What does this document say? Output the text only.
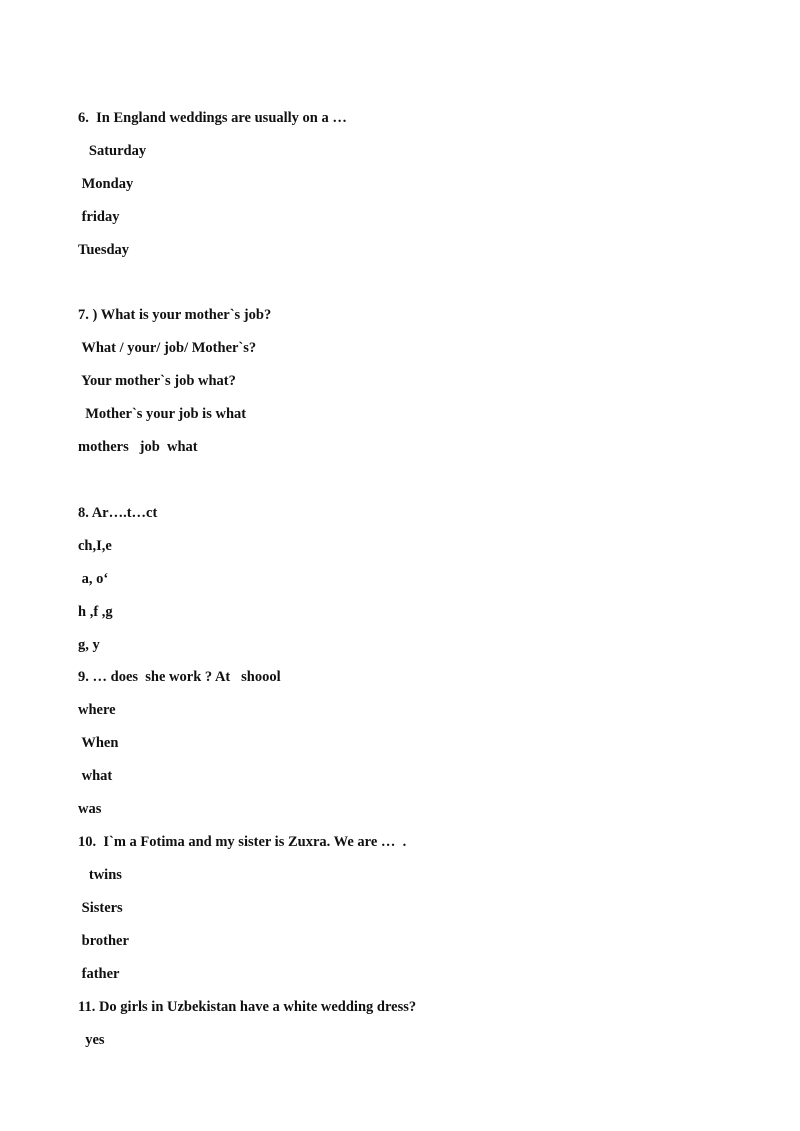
6.  In England weddings are usually on a …
Saturday
Monday
friday
Tuesday
7. ) What is your mother`s job?
What / your/ job/ Mother`s?
Your mother`s job what?
Mother`s your job is what
mothers   job  what
8. Ar….t…ct
ch,I,e
a, o‘
h ,f ,g
g, y
9. … does  she work ? At   shoool
where
When
what
was
10.  I`m a Fotima and my sister is Zuxra. We are …  .
twins
Sisters
brother
father
11. Do girls in Uzbekistan have a white wedding dress?
yes
